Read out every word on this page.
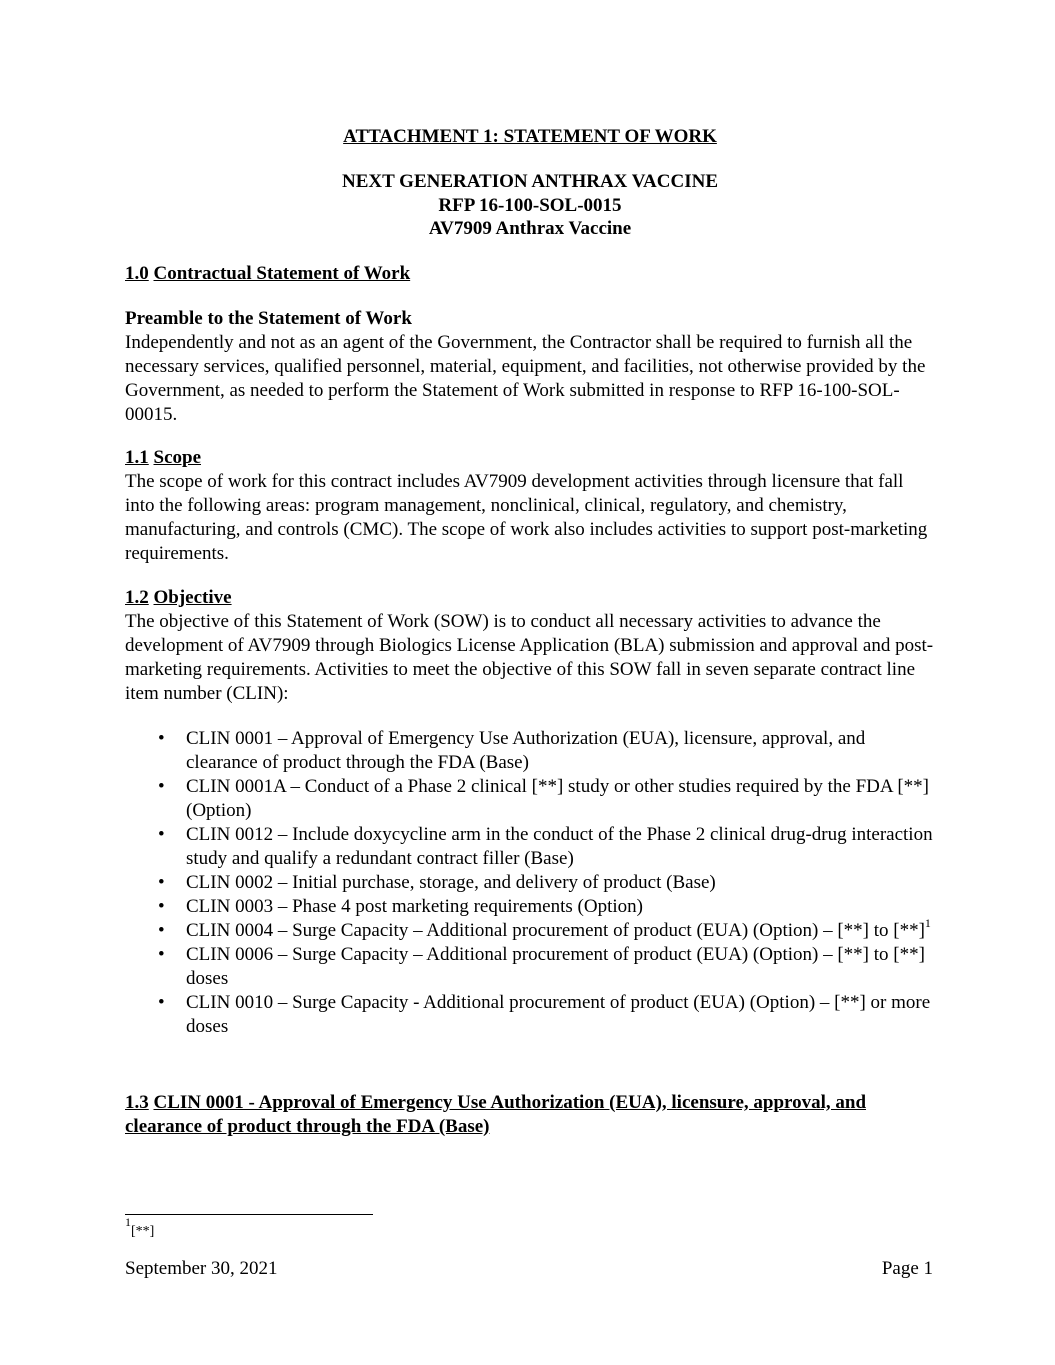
ATTACHMENT 1: STATEMENT OF WORK
NEXT GENERATION ANTHRAX VACCINE
RFP 16-100-SOL-0015
AV7909 Anthrax Vaccine
1.0 Contractual Statement of Work
Preamble to the Statement of Work

Independently and not as an agent of the Government, the Contractor shall be required to furnish all the necessary services, qualified personnel, material, equipment, and facilities, not otherwise provided by the Government, as needed to perform the Statement of Work submitted in response to RFP 16-100-SOL-00015.

1.1 Scope

The scope of work for this contract includes AV7909 development activities through licensure that fall into the following areas: program management, nonclinical, clinical, regulatory, and chemistry, manufacturing, and controls (CMC). The scope of work also includes activities to support post-marketing requirements.

1.2 Objective

The objective of this Statement of Work (SOW) is to conduct all necessary activities to advance the development of AV7909 through Biologics License Application (BLA) submission and approval and post-marketing requirements. Activities to meet the objective of this SOW fall in seven separate contract line item number (CLIN):

• CLIN 0001 – Approval of Emergency Use Authorization (EUA), licensure, approval, and clearance of product through the FDA (Base)
• CLIN 0001A – Conduct of a Phase 2 clinical [**] study or other studies required by the FDA [**] (Option)
• CLIN 0012 – Include doxycycline arm in the conduct of the Phase 2 clinical drug-drug interaction study and qualify a redundant contract filler (Base)
• CLIN 0002 – Initial purchase, storage, and delivery of product (Base)
• CLIN 0003 – Phase 4 post marketing requirements (Option)
• CLIN 0004 – Surge Capacity – Additional procurement of product (EUA) (Option) – [**] to $[**]^1$
• CLIN 0006 – Surge Capacity – Additional procurement of product (EUA) (Option) – [**] to [**] doses
• CLIN 0010 – Surge Capacity - Additional procurement of product (EUA) (Option) – [**] or more doses
1.3 CLIN 0001 - Approval of Emergency Use Authorization (EUA), licensure, approval, and clearance of product through the FDA (Base)
$^1$[**]
September 30, 2021	Page 1
